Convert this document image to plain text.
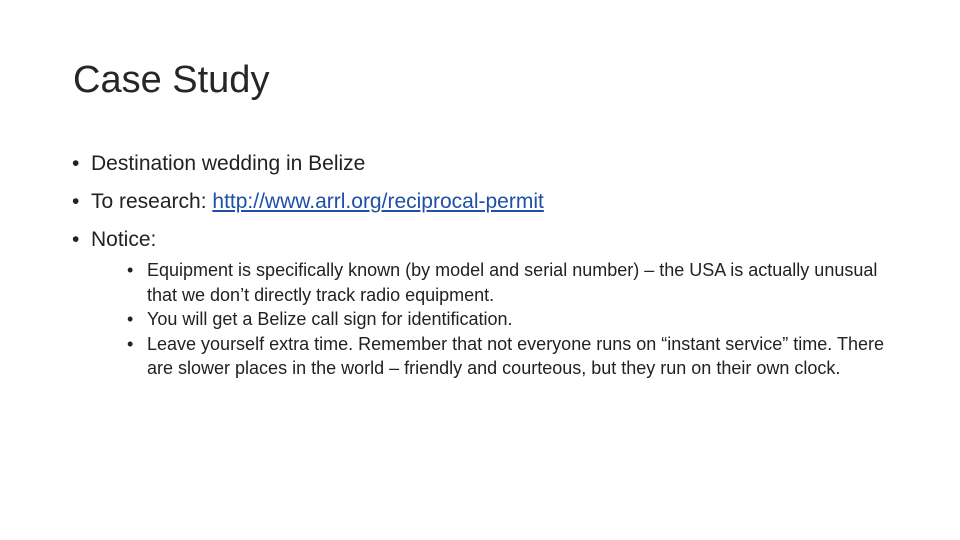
Case Study
• Destination wedding in Belize
• To research: http://www.arrl.org/reciprocal-permit
• Notice:
• Equipment is specifically known (by model and serial number) – the USA is actually unusual that we don’t directly track radio equipment.
• You will get a Belize call sign for identification.
• Leave yourself extra time. Remember that not everyone runs on “instant service” time. There are slower places in the world – friendly and courteous, but they run on their own clock.
